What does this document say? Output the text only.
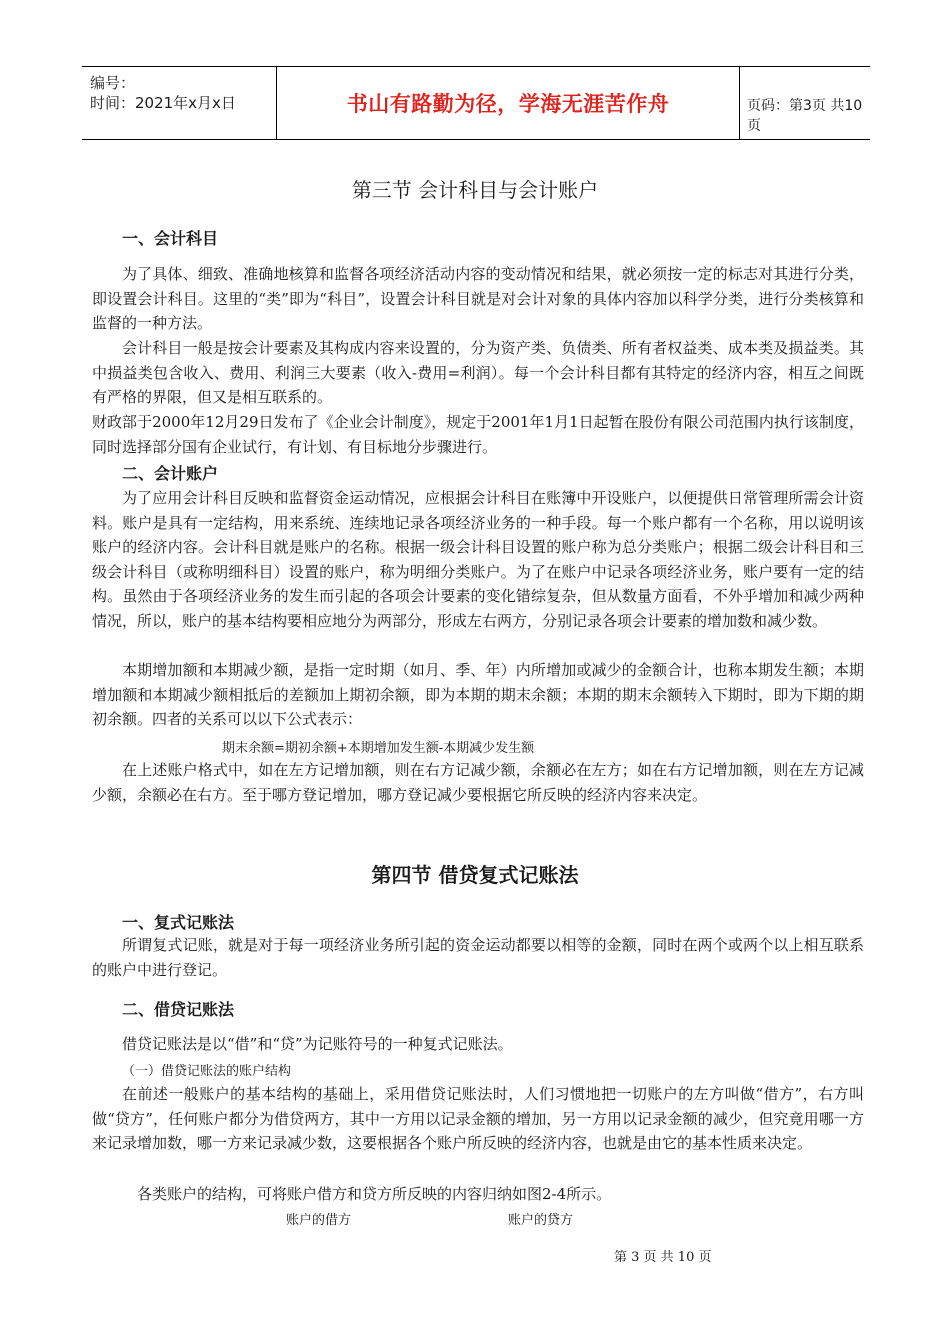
编号：
时间：2021年x月x日	书山有路勤为径，学海无涯苦作舟	页码：第3页 共10页
第三节 会计科目与会计账户
一、会计科目

为了具体、细致、准确地核算和监督各项经济活动内容的变动情况和结果，就必须按一定的标志对其进行分类，即设置会计科目。这里的“类”即为“科目”，设置会计科目就是对会计对象的具体内容加以科学分类，进行分类核算和监督的一种方法。

会计科目一般是按会计要素及其构成内容来设置的，分为资产类、负债类、所有者权益类、成本类及损益类。其中损益类包含收入、费用、利润三大要素（收入-费用=利润）。每一个会计科目都有其特定的经济内容，相互之间既有严格的界限，但又是相互联系的。

财政部于2000年12月29日发布了《企业会计制度》，规定于2001年1月1日起暂在股份有限公司范围内执行该制度，同时选择部分国有企业试行，有计划、有目标地分步骤进行。

二、会计账户

为了应用会计科目反映和监督资金运动情况，应根据会计科目在账簿中开设账户，以便提供日常管理所需会计资料。账户是具有一定结构，用来系统、连续地记录各项经济业务的一种手段。每一个账户都有一个名称，用以说明该账户的经济内容。会计科目就是账户的名称。根据一级会计科目设置的账户称为总分类账户；根据二级会计科目和三级会计科目（或称明细科目）设置的账户，称为明细分类账户。为了在账户中记录各项经济业务，账户要有一定的结构。虽然由于各项经济业务的发生而引起的各项会计要素的变化错综复杂，但从数量方面看，不外乎增加和减少两种情况，所以，账户的基本结构要相应地分为两部分，形成左右两方，分别记录各项会计要素的增加数和减少数。

本期增加额和本期减少额，是指一定时期（如月、季、年）内所增加或减少的金额合计，也称本期发生额；本期增加额和本期减少额相抵后的差额加上期初余额，即为本期的期末余额；本期的期末余额转入下期时，即为下期的期初余额。四者的关系可以以下公式表示：

期末余额=期初余额+本期增加发生额-本期减少发生额

在上述账户格式中，如在左方记增加额，则在右方记减少额，余额必在左方；如在右方记增加额，则在左方记减少额，余额必在右方。至于哪方登记增加，哪方登记减少要根据它所反映的经济内容来决定。

第四节 借贷复式记账法
一、复式记账法

所谓复式记账，就是对于每一项经济业务所引起的资金运动都要以相等的金额，同时在两个或两个以上相互联系的账户中进行登记。

二、借贷记账法

借贷记账法是以“借”和“贷”为记账符号的一种复式记账法。

（一）借贷记账法的账户结构

在前述一般账户的基本结构的基础上，采用借贷记账法时，人们习惯地把一切账户的左方叫做“借方”，右方叫做“贷方”，任何账户都分为借贷两方，其中一方用以记录金额的增加，另一方用以记录金额的减少，但究竟用哪一方来记录增加数，哪一方来记录减少数，这要根据各个账户所反映的经济内容，也就是由它的基本性质来决定。

各类账户的结构，可将账户借方和贷方所反映的内容归纳如图2-4所示。

账户的借方	账户的贷方
第 3 页 共 10 页
